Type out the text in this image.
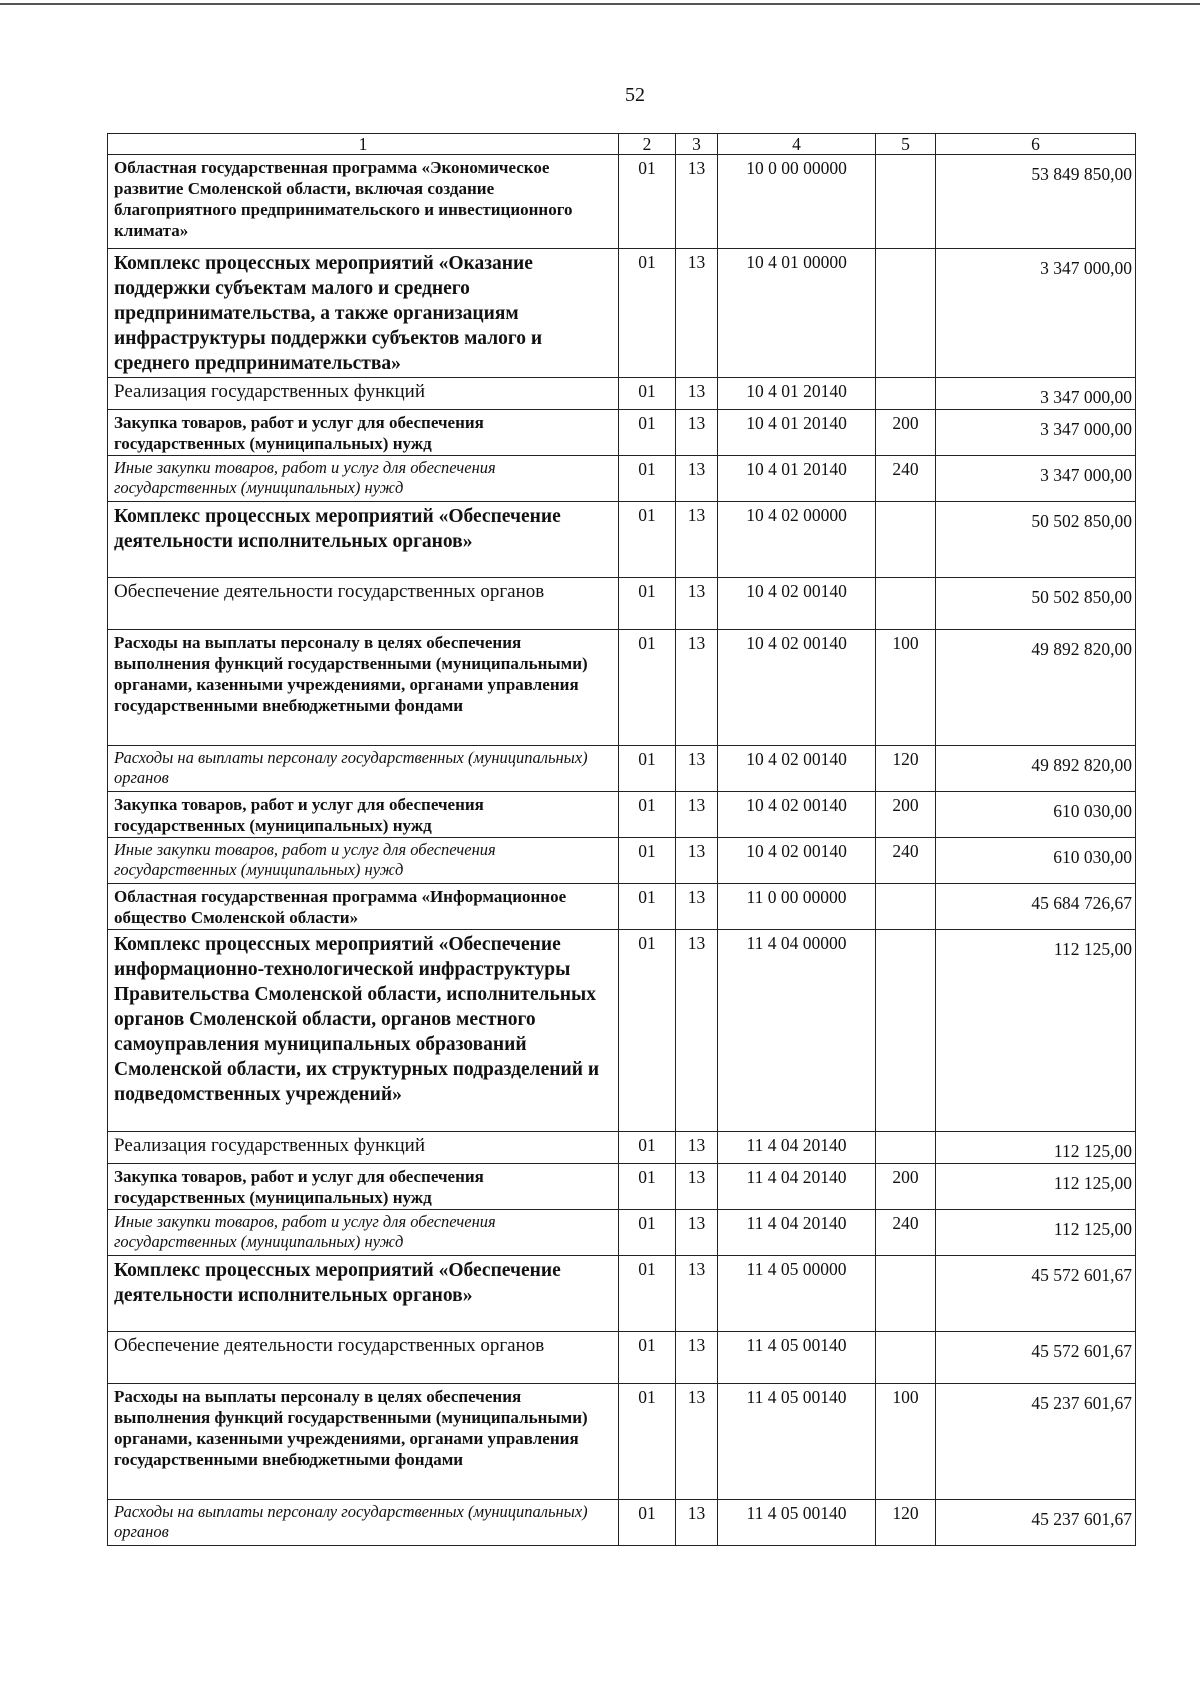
52
1	2	3	4	5	6
Областная государственная программа «Экономическое развитие Смоленской области, включая создание благоприятного предпринимательского и инвестиционного климата»	01	13	10 0 00 00000		53 849 850,00
Комплекс процессных мероприятий «Оказание поддержки субъектам малого и среднего предпринимательства, а также организациям инфраструктуры поддержки субъектов малого и среднего предпринимательства»	01	13	10 4 01 00000		3 347 000,00
Реализация государственных функций	01	13	10 4 01 20140		3 347 000,00
Закупка товаров, работ и услуг для обеспечения государственных (муниципальных) нужд	01	13	10 4 01 20140	200	3 347 000,00
Иные закупки товаров, работ и услуг для обеспечения государственных (муниципальных) нужд	01	13	10 4 01 20140	240	3 347 000,00
Комплекс процессных мероприятий «Обеспечение деятельности исполнительных органов»	01	13	10 4 02 00000		50 502 850,00
Обеспечение деятельности государственных органов	01	13	10 4 02 00140		50 502 850,00
Расходы на выплаты персоналу в целях обеспечения выполнения функций государственными (муниципальными) органами, казенными учреждениями, органами управления государственными внебюджетными фондами	01	13	10 4 02 00140	100	49 892 820,00
Расходы на выплаты персоналу государственных (муниципальных) органов	01	13	10 4 02 00140	120	49 892 820,00
Закупка товаров, работ и услуг для обеспечения государственных (муниципальных) нужд	01	13	10 4 02 00140	200	610 030,00
Иные закупки товаров, работ и услуг для обеспечения государственных (муниципальных) нужд	01	13	10 4 02 00140	240	610 030,00
Областная государственная программа «Информационное общество Смоленской области»	01	13	11 0 00 00000		45 684 726,67
Комплекс процессных мероприятий «Обеспечение информационно-технологической инфраструктуры Правительства Смоленской области, исполнительных органов Смоленской области, органов местного самоуправления муниципальных образований Смоленской области, их структурных подразделений и подведомственных учреждений»	01	13	11 4 04 00000		112 125,00
Реализация государственных функций	01	13	11 4 04 20140		112 125,00
Закупка товаров, работ и услуг для обеспечения государственных (муниципальных) нужд	01	13	11 4 04 20140	200	112 125,00
Иные закупки товаров, работ и услуг для обеспечения государственных (муниципальных) нужд	01	13	11 4 04 20140	240	112 125,00
Комплекс процессных мероприятий «Обеспечение деятельности исполнительных органов»	01	13	11 4 05 00000		45 572 601,67
Обеспечение деятельности государственных органов	01	13	11 4 05 00140		45 572 601,67
Расходы на выплаты персоналу в целях обеспечения выполнения функций государственными (муниципальными) органами, казенными учреждениями, органами управления государственными внебюджетными фондами	01	13	11 4 05 00140	100	45 237 601,67
Расходы на выплаты персоналу государственных (муниципальных) органов	01	13	11 4 05 00140	120	45 237 601,67
